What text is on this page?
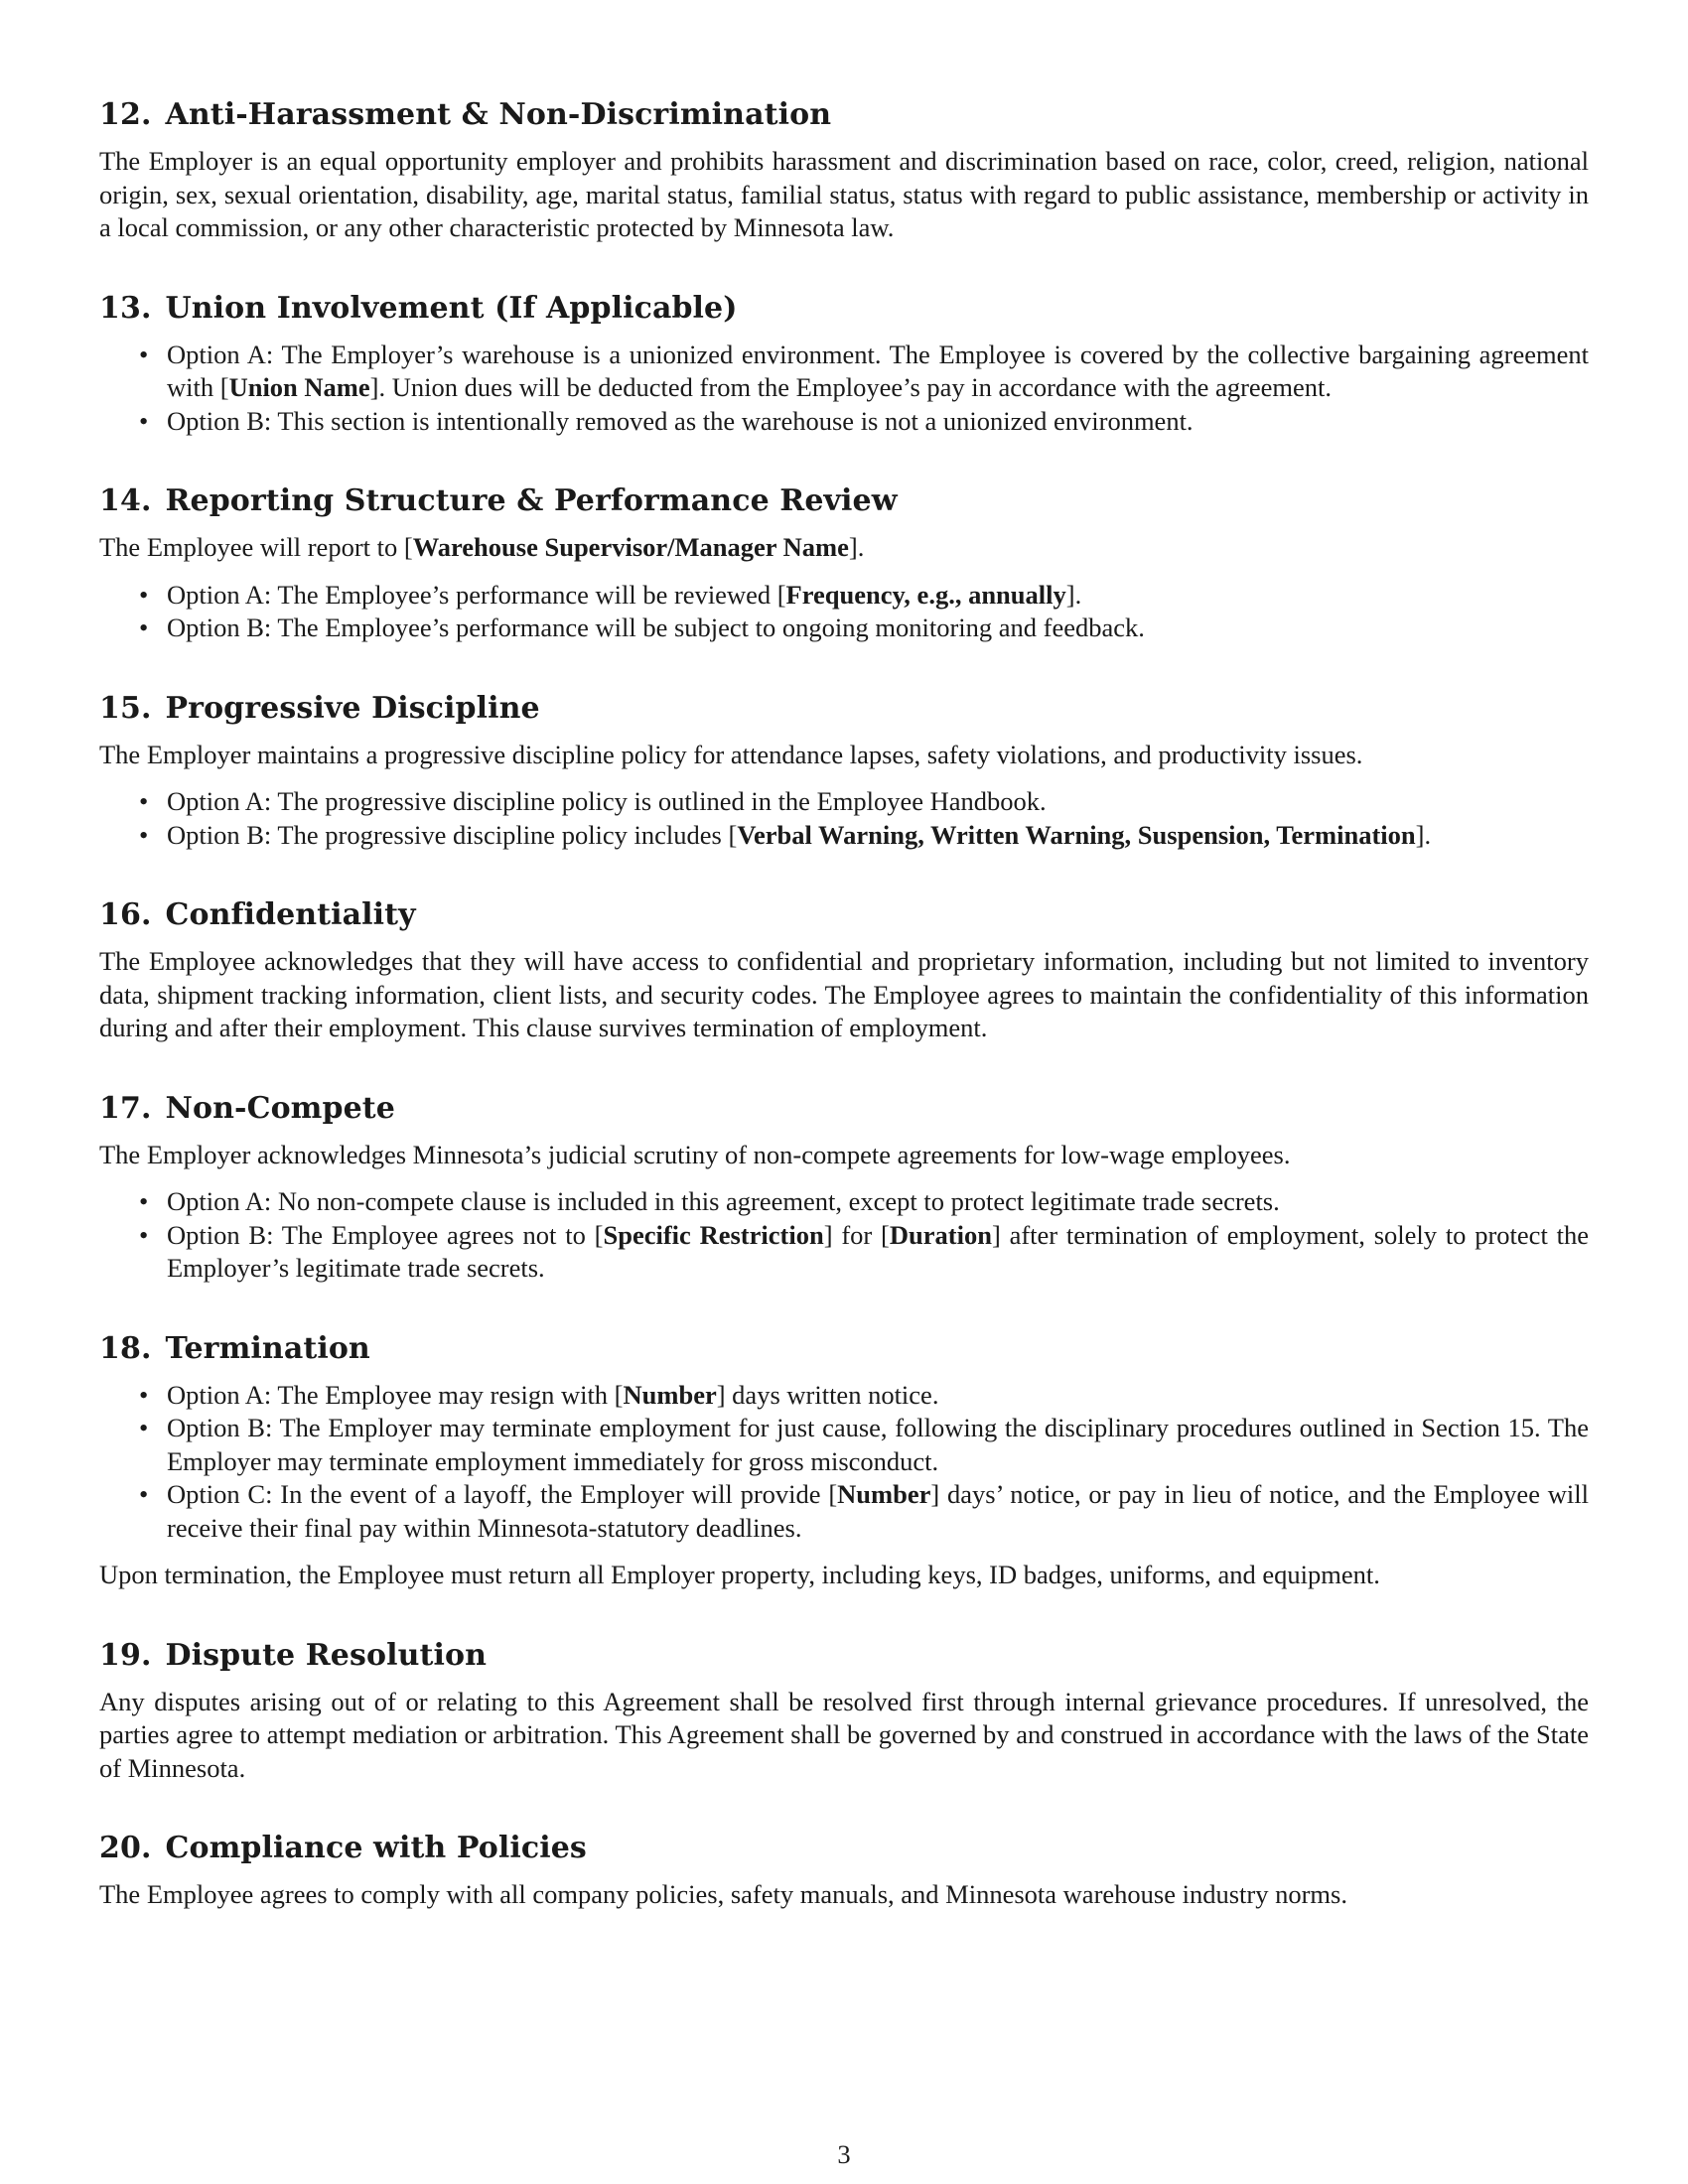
12. Anti-Harassment & Non-Discrimination

The Employer is an equal opportunity employer and prohibits harassment and discrimination based on race, color, creed, religion, national origin, sex, sexual orientation, disability, age, marital status, familial status, status with regard to public assistance, membership or activity in a local commission, or any other characteristic protected by Minnesota law.

13. Union Involvement (If Applicable)
• Option A: The Employer’s warehouse is a unionized environment. The Employee is covered by the collective bargaining agreement with [Union Name]. Union dues will be deducted from the Employee’s pay in accordance with the agreement.
• Option B: This section is intentionally removed as the warehouse is not a unionized environment.
14. Reporting Structure & Performance Review

The Employee will report to [Warehouse Supervisor/Manager Name].

• Option A: The Employee’s performance will be reviewed [Frequency, e.g., annually].
• Option B: The Employee’s performance will be subject to ongoing monitoring and feedback.
15. Progressive Discipline

The Employer maintains a progressive discipline policy for attendance lapses, safety violations, and productivity issues.

• Option A: The progressive discipline policy is outlined in the Employee Handbook.
• Option B: The progressive discipline policy includes [Verbal Warning, Written Warning, Suspension, Termination].
16. Confidentiality

The Employee acknowledges that they will have access to confidential and proprietary information, including but not limited to inventory data, shipment tracking information, client lists, and security codes. The Employee agrees to maintain the confidentiality of this information during and after their employment. This clause survives termination of employment.

17. Non-Compete

The Employer acknowledges Minnesota’s judicial scrutiny of non-compete agreements for low-wage employees.

• Option A: No non-compete clause is included in this agreement, except to protect legitimate trade secrets.
• Option B: The Employee agrees not to [Specific Restriction] for [Duration] after termination of employment, solely to protect the Employer’s legitimate trade secrets.
18. Termination
• Option A: The Employee may resign with [Number] days written notice.
• Option B: The Employer may terminate employment for just cause, following the disciplinary procedures outlined in Section 15. The Employer may terminate employment immediately for gross misconduct.
• Option C: In the event of a layoff, the Employer will provide [Number] days’ notice, or pay in lieu of notice, and the Employee will receive their final pay within Minnesota-statutory deadlines.

Upon termination, the Employee must return all Employer property, including keys, ID badges, uniforms, and equipment.

19. Dispute Resolution

Any disputes arising out of or relating to this Agreement shall be resolved first through internal grievance procedures. If unresolved, the parties agree to attempt mediation or arbitration. This Agreement shall be governed by and construed in accordance with the laws of the State of Minnesota.

20. Compliance with Policies

The Employee agrees to comply with all company policies, safety manuals, and Minnesota warehouse industry norms.

3
